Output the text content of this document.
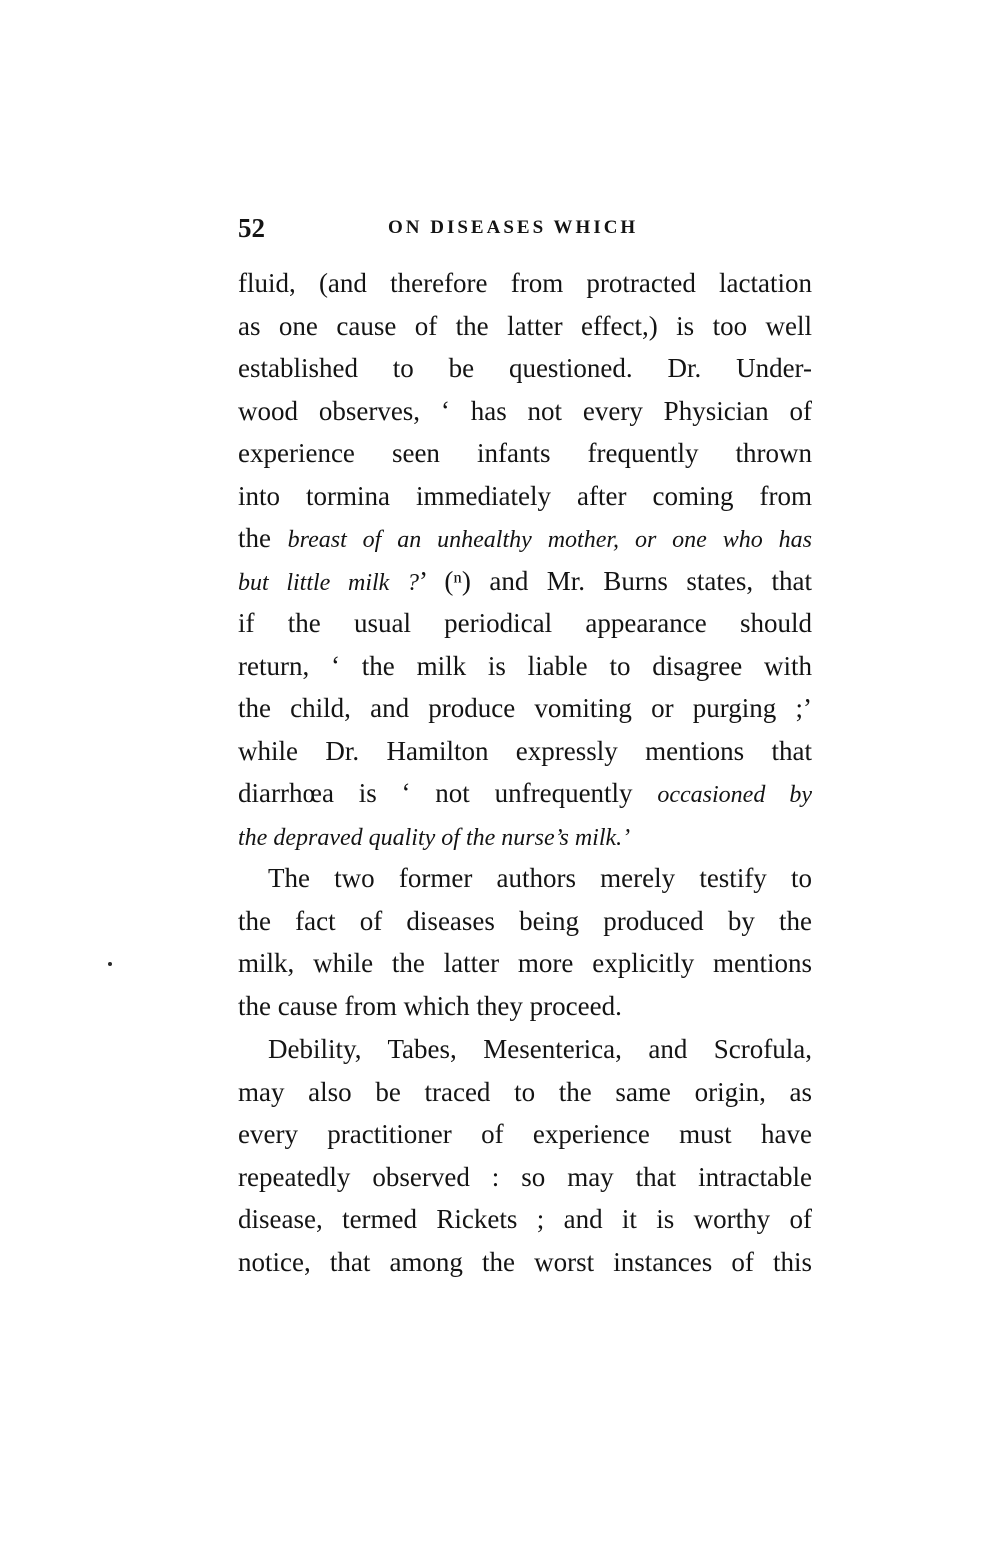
52	ON DISEASES WHICH
fluid, (and therefore from protracted lactation
as one cause of the latter effect,) is too well
established to be questioned. Dr. Under-
wood observes, ‘ has not every Physician of
experience seen infants frequently thrown
into tormina immediately after coming from
the breast of an unhealthy mother, or one who has
but little milk ?’ (ⁿ) and Mr. Burns states, that
if the usual periodical appearance should
return, ‘ the milk is liable to disagree with
the child, and produce vomiting or purging ;’
while Dr. Hamilton expressly mentions that
diarrhœa is ‘ not unfrequently occasioned by
the depraved quality of the nurse’s milk.’
The two former authors merely testify to
the fact of diseases being produced by the
milk, while the latter more explicitly mentions
the cause from which they proceed.
Debility, Tabes, Mesenterica, and Scrofula,
may also be traced to the same origin, as
every practitioner of experience must have
repeatedly observed : so may that intractable
disease, termed Rickets ; and it is worthy of
notice, that among the worst instances of this
